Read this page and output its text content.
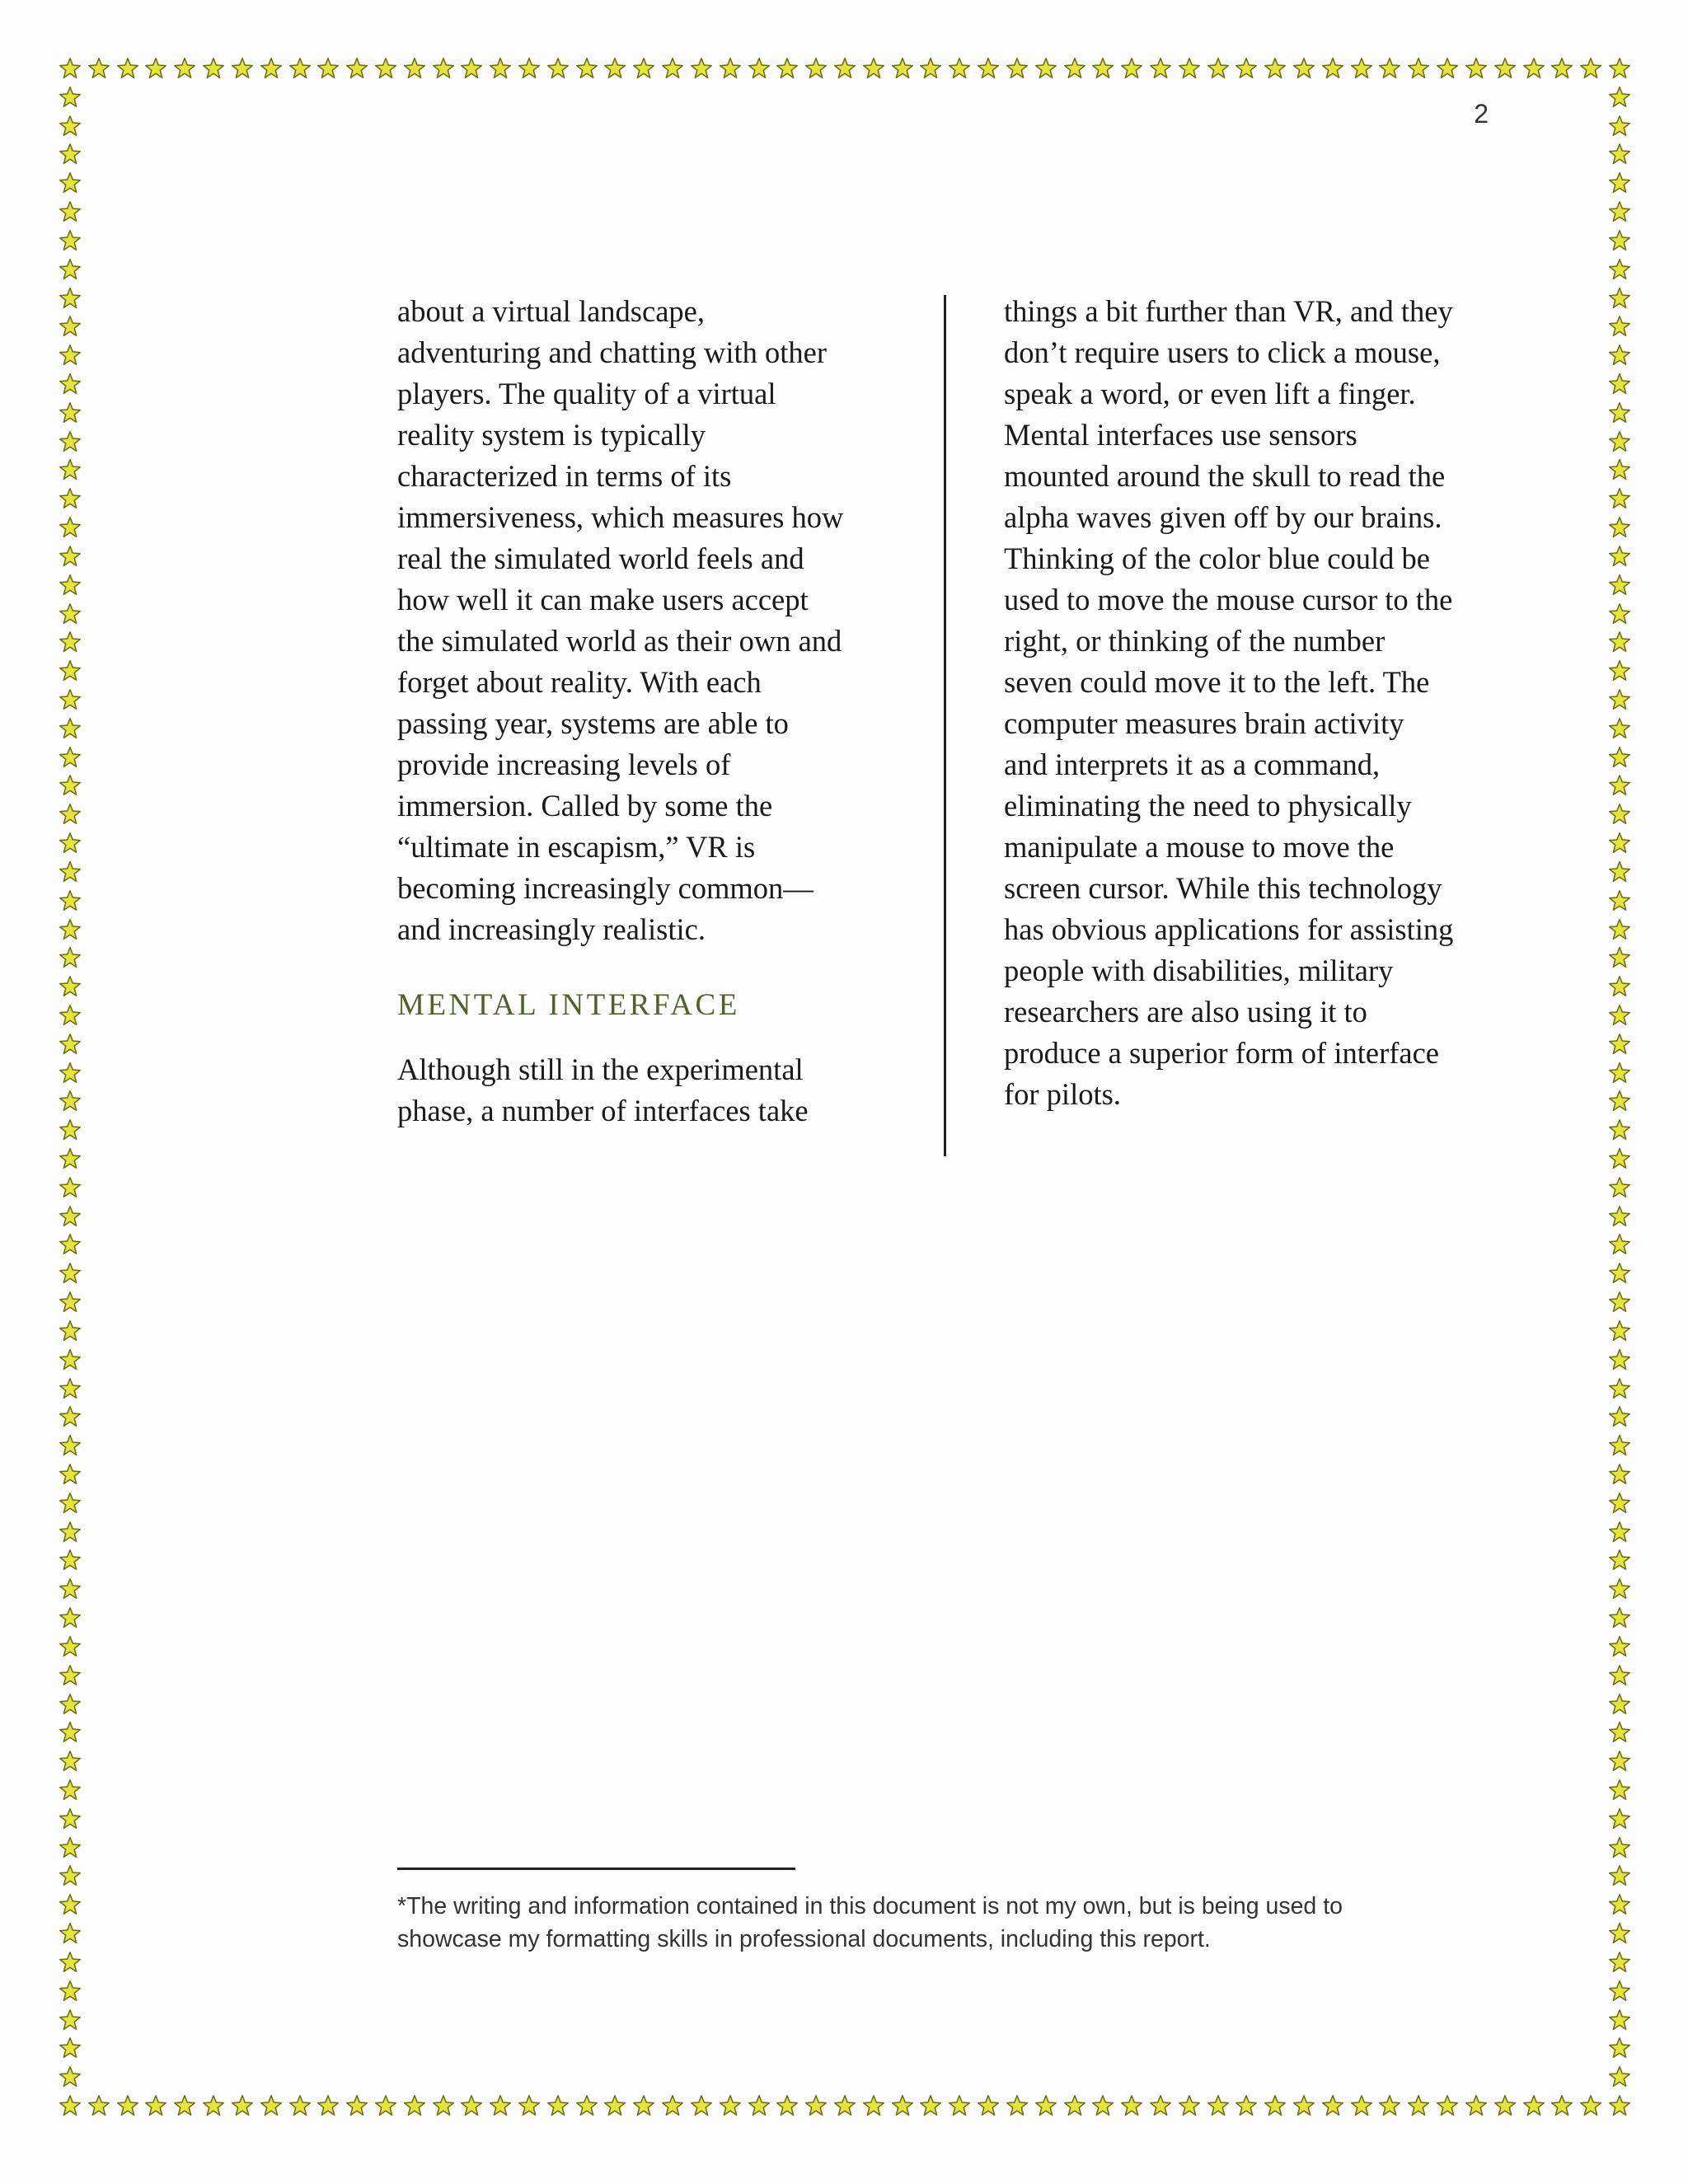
2
about a virtual landscape,
adventuring and chatting with other
players. The quality of a virtual
reality system is typically
characterized in terms of its
immersiveness, which measures how
real the simulated world feels and
how well it can make users accept
the simulated world as their own and
forget about reality. With each
passing year, systems are able to
provide increasing levels of
immersion. Called by some the
“ultimate in escapism,” VR is
becoming increasingly common—
and increasingly realistic.
MENTAL INTERFACE
Although still in the experimental
phase, a number of interfaces take
things a bit further than VR, and they
don’t require users to click a mouse,
speak a word, or even lift a finger.
Mental interfaces use sensors
mounted around the skull to read the
alpha waves given off by our brains.
Thinking of the color blue could be
used to move the mouse cursor to the
right, or thinking of the number
seven could move it to the left. The
computer measures brain activity
and interprets it as a command,
eliminating the need to physically
manipulate a mouse to move the
screen cursor. While this technology
has obvious applications for assisting
people with disabilities, military
researchers are also using it to
produce a superior form of interface
for pilots.
*The writing and information contained in this document is not my own, but is being used to
showcase my formatting skills in professional documents, including this report.
